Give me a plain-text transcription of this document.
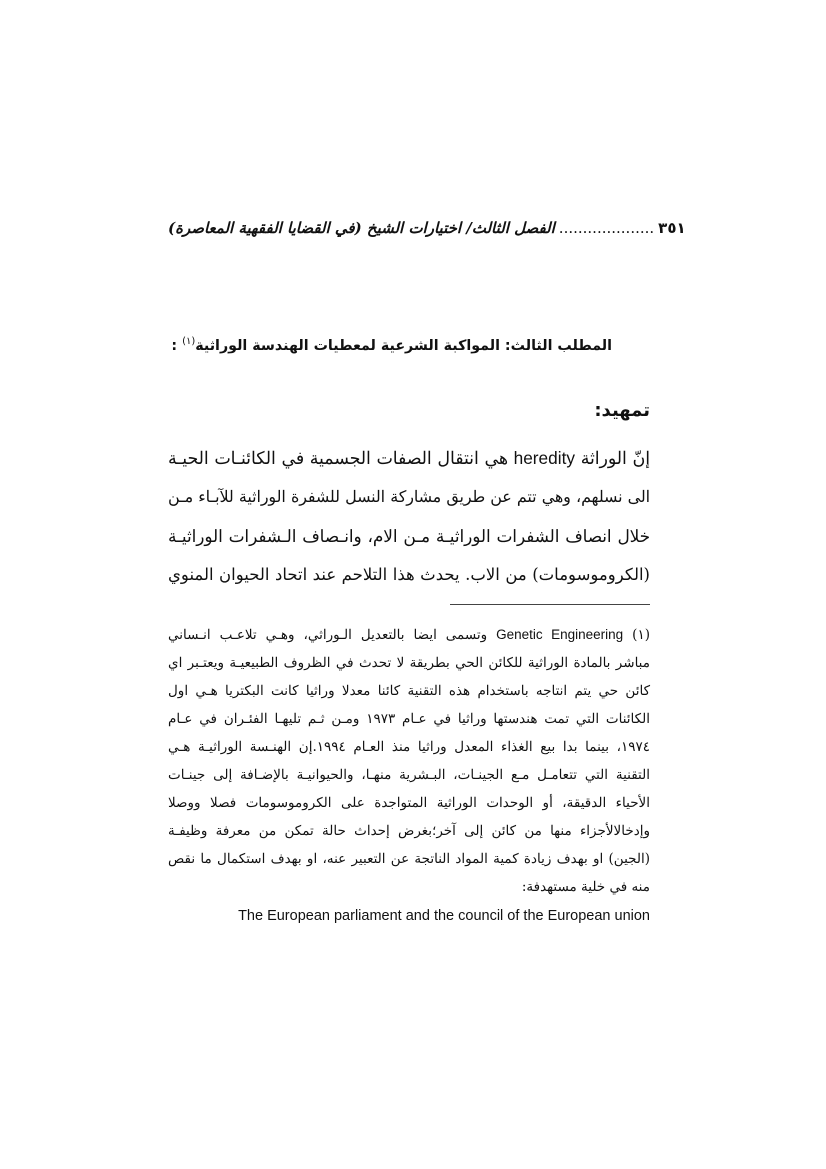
الفصل الثالث/ اختيارات الشيخ (في القضايا الفقهية المعاصرة) .................... ٣٥١
المطلب الثالث: المواكبة الشرعية لمعطيات الهندسة الوراثية$^{(١)}$ :
تمهيد:
إنّ الوراثة heredity هي انتقال الصفات الجسمية في الكائنـات الحيـة
الى نسلهم، وهي تتم عن طريق مشاركة النسل للشفرة الوراثية للآبـاء مـن
خلال انصاف الشفرات الوراثيـة مـن الام، وانـصاف الـشفرات الوراثيـة
(الكروموسومات) من الاب. يحدث هذا التلاحم عند اتحاد الحيوان المنوي
(١) Genetic Engineering وتسمى ايضا بالتعديل الـوراثي، وهـي تلاعـب انـساني
مباشر بالمادة الوراثية للكائن الحي بطريقة لا تحدث في الظروف الطبيعيـة ويعتـبر اي
كائن حي يتم انتاجه باستخدام هذه التقنية كائنا معدلا وراثيا كانت البكتريا هـي اول
الكائنات التي تمت هندستها وراثيا في عـام ١٩٧٣ ومـن ثـم تليهـا الفئـران في عـام
١٩٧٤، بينما بدا بيع الغذاء المعدل وراثيا منذ العـام ١٩٩٤.إن الهنـسة الوراثيـة هـي
التقنية التي تتعامـل مـع الجينـات، البـشرية منهـا، والحيوانيـة بالإضـافة إلى جينـات
الأحياء الدقيقة، أو الوحدات الوراثية المتواجدة على الكروموسومات فصلا ووصلا
وإدخالالأجزاء منها من كائن إلى آخر؛بغرض إحداث حالة تمكن من معرفة وظيفـة
(الجين) او بهدف زيادة كمية المواد الناتجة عن التعبير عنه، او بهدف استكمال ما نقص
منه في خلية مستهدفة:
The European parliament and the council of the European union
